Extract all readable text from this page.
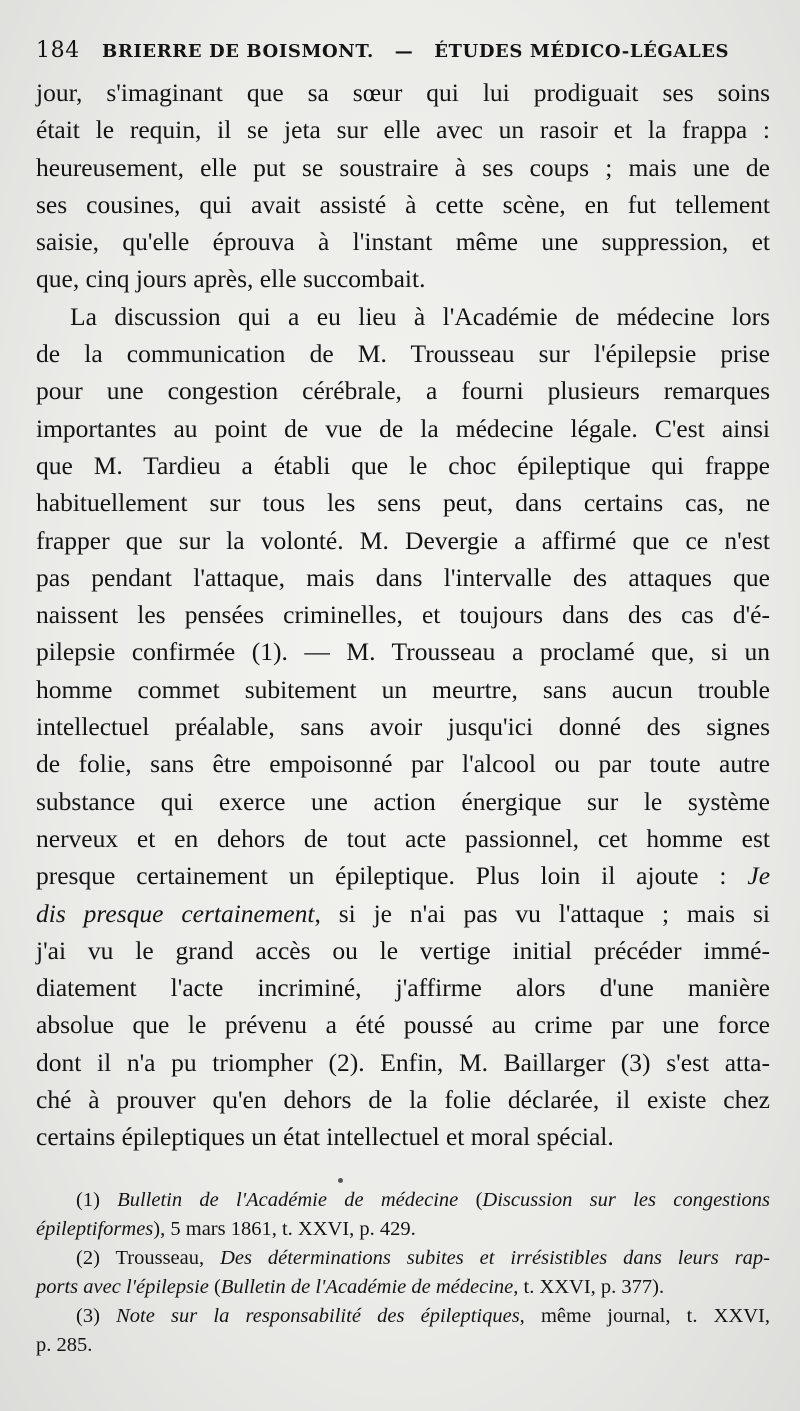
184	BRIERRE DE BOISMONT. — ÉTUDES MÉDICO-LÉGALES
jour, s'imaginant que sa sœur qui lui prodiguait ses soins
était le requin, il se jeta sur elle avec un rasoir et la frappa :
heureusement, elle put se soustraire à ses coups ; mais une de
ses cousines, qui avait assisté à cette scène, en fut tellement
saisie, qu'elle éprouva à l'instant même une suppression, et
que, cinq jours après, elle succombait.
La discussion qui a eu lieu à l'Académie de médecine lors
de la communication de M. Trousseau sur l'épilepsie prise
pour une congestion cérébrale, a fourni plusieurs remarques
importantes au point de vue de la médecine légale. C'est ainsi
que M. Tardieu a établi que le choc épileptique qui frappe
habituellement sur tous les sens peut, dans certains cas, ne
frapper que sur la volonté. M. Devergie a affirmé que ce n'est
pas pendant l'attaque, mais dans l'intervalle des attaques que
naissent les pensées criminelles, et toujours dans des cas d'é-
pilepsie confirmée (1). — M. Trousseau a proclamé que, si un
homme commet subitement un meurtre, sans aucun trouble
intellectuel préalable, sans avoir jusqu'ici donné des signes
de folie, sans être empoisonné par l'alcool ou par toute autre
substance qui exerce une action énergique sur le système
nerveux et en dehors de tout acte passionnel, cet homme est
presque certainement un épileptique. Plus loin il ajoute : Je
dis presque certainement, si je n'ai pas vu l'attaque ; mais si
j'ai vu le grand accès ou le vertige initial précéder immé-
diatement l'acte incriminé, j'affirme alors d'une manière
absolue que le prévenu a été poussé au crime par une force
dont il n'a pu triompher (2). Enfin, M. Baillarger (3) s'est atta-
ché à prouver qu'en dehors de la folie déclarée, il existe chez
certains épileptiques un état intellectuel et moral spécial.
(1) Bulletin de l'Académie de médecine (Discussion sur les congestions
épileptiformes), 5 mars 1861, t. XXVI, p. 429.
(2) Trousseau, Des déterminations subites et irrésistibles dans leurs rap-
ports avec l'épilepsie (Bulletin de l'Académie de médecine, t. XXVI, p. 377).
(3) Note sur la responsabilité des épileptiques, même journal, t. XXVI,
p. 285.
